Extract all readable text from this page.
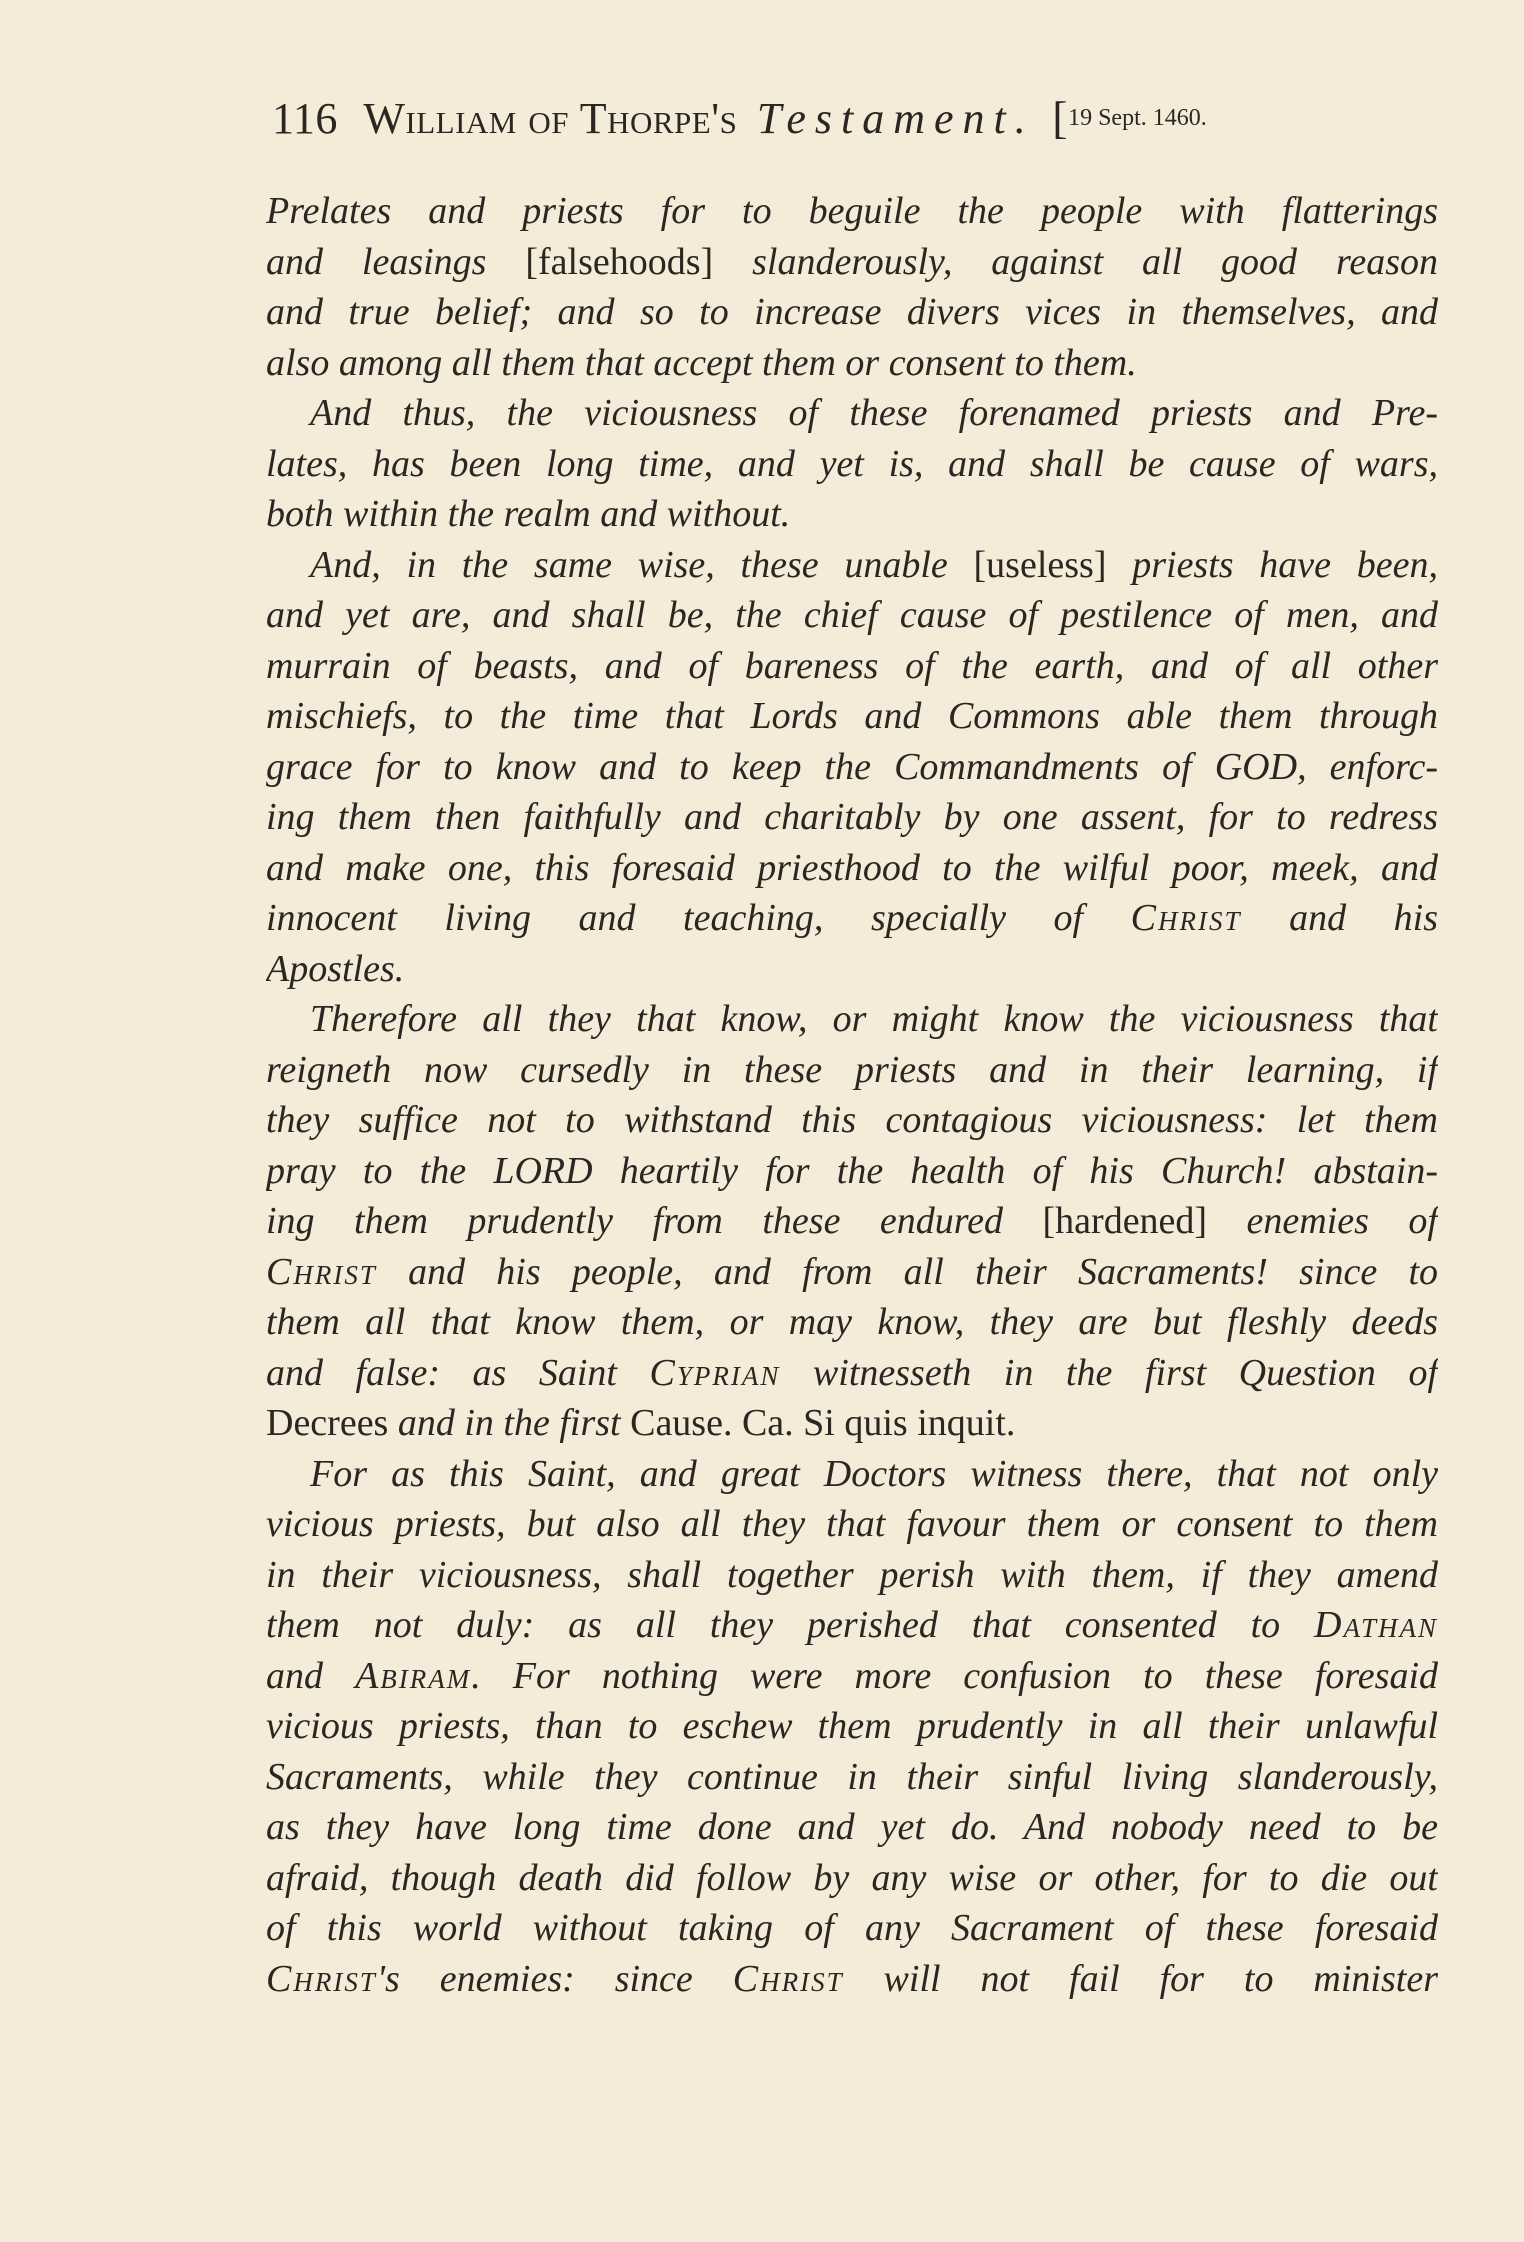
116 William of Thorpe's Testament. [19 Sept. 1460.
Prelates and priests for to beguile the people with flatterings
and leasings [falsehoods] slanderously, against all good reason
and true belief; and so to increase divers vices in themselves, and
also among all them that accept them or consent to them.
And thus, the viciousness of these forenamed priests and Pre-
lates, has been long time, and yet is, and shall be cause of wars,
both within the realm and without.
And, in the same wise, these unable [useless] priests have been,
and yet are, and shall be, the chief cause of pestilence of men, and
murrain of beasts, and of bareness of the earth, and of all other
mischiefs, to the time that Lords and Commons able them through
grace for to know and to keep the Commandments of GOD, enforc-
ing them then faithfully and charitably by one assent, for to redress
and make one, this foresaid priesthood to the wilful poor, meek, and
innocent living and teaching, specially of Christ and his
Apostles.
Therefore all they that know, or might know the viciousness that
reigneth now cursedly in these priests and in their learning, if
they suffice not to withstand this contagious viciousness: let them
pray to the LORD heartily for the health of his Church! abstain-
ing them prudently from these endured [hardened] enemies of
Christ and his people, and from all their Sacraments! since to
them all that know them, or may know, they are but fleshly deeds
and false: as Saint Cyprian witnesseth in the first Question of
Decrees and in the first Cause. Ca. Si quis inquit.
For as this Saint, and great Doctors witness there, that not only
vicious priests, but also all they that favour them or consent to them
in their viciousness, shall together perish with them, if they amend
them not duly: as all they perished that consented to Dathan
and Abiram. For nothing were more confusion to these foresaid
vicious priests, than to eschew them prudently in all their unlawful
Sacraments, while they continue in their sinful living slanderously,
as they have long time done and yet do. And nobody need to be
afraid, though death did follow by any wise or other, for to die out
of this world without taking of any Sacrament of these foresaid
Christ's enemies: since Christ will not fail for to minister
